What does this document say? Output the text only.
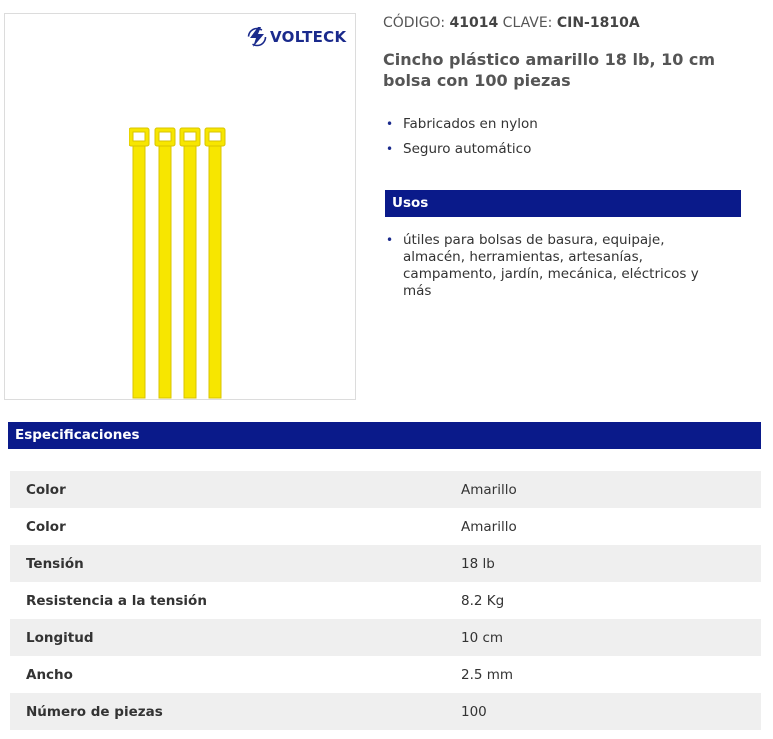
VOLTECK
CÓDIGO: 41014 CLAVE: CIN-1810A
Cincho plástico amarillo 18 lb, 10 cm bolsa con 100 piezas
• Fabricados en nylon
• Seguro automático
Usos
• útiles para bolsas de basura, equipaje, almacén, herramientas, artesanías, campamento, jardín, mecánica, eléctricos y más
Especificaciones
Color	Amarillo
Color	Amarillo
Tensión	18 lb
Resistencia a la tensión	8.2 Kg
Longitud	10 cm
Ancho	2.5 mm
Número de piezas	100
